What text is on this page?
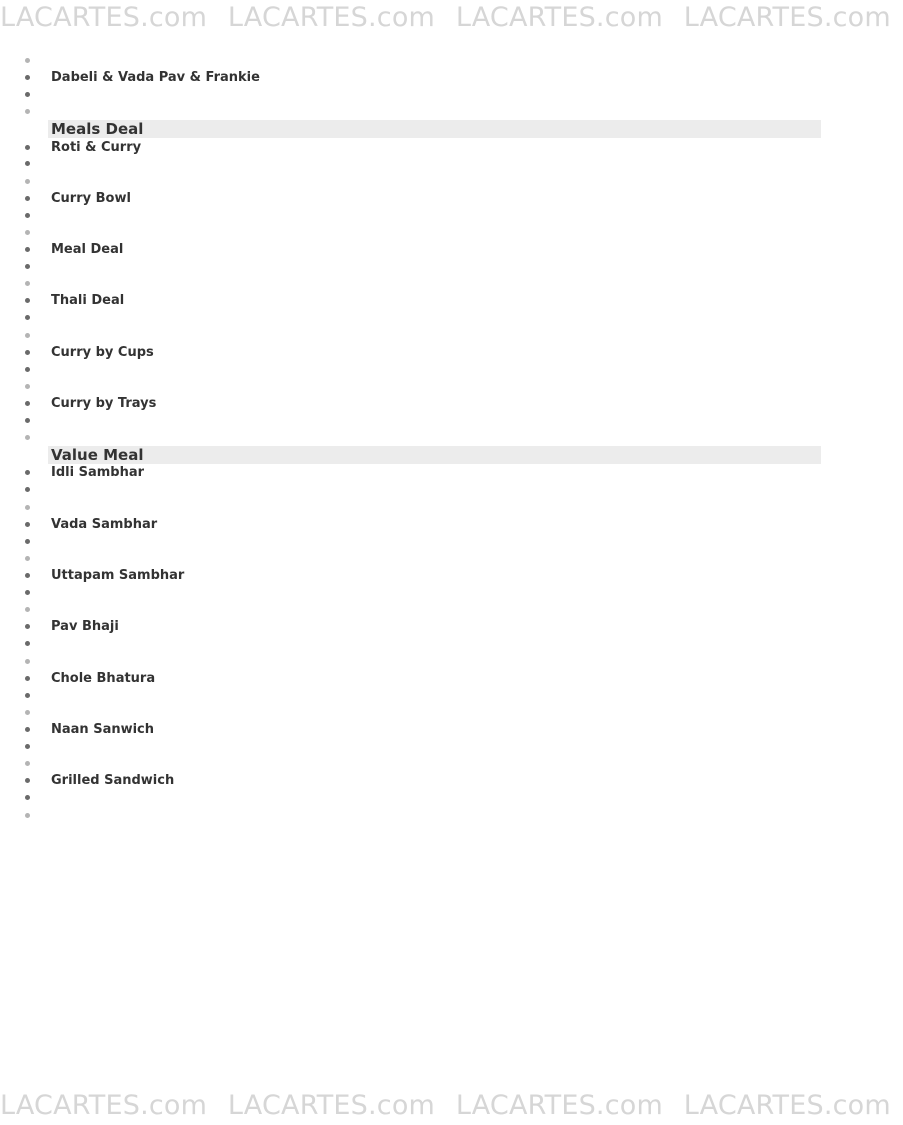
LACARTES.com LACARTES.com LACARTES.com LACARTES.com
LACARTES.com LACARTES.com LACARTES.com LACARTES.com
Dabeli & Vada Pav & Frankie
Meals Deal
Roti & Curry
Curry Bowl
Meal Deal
Thali Deal
Curry by Cups
Curry by Trays
Value Meal
Idli Sambhar
Vada Sambhar
Uttapam Sambhar
Pav Bhaji
Chole Bhatura
Naan Sanwich
Grilled Sandwich
